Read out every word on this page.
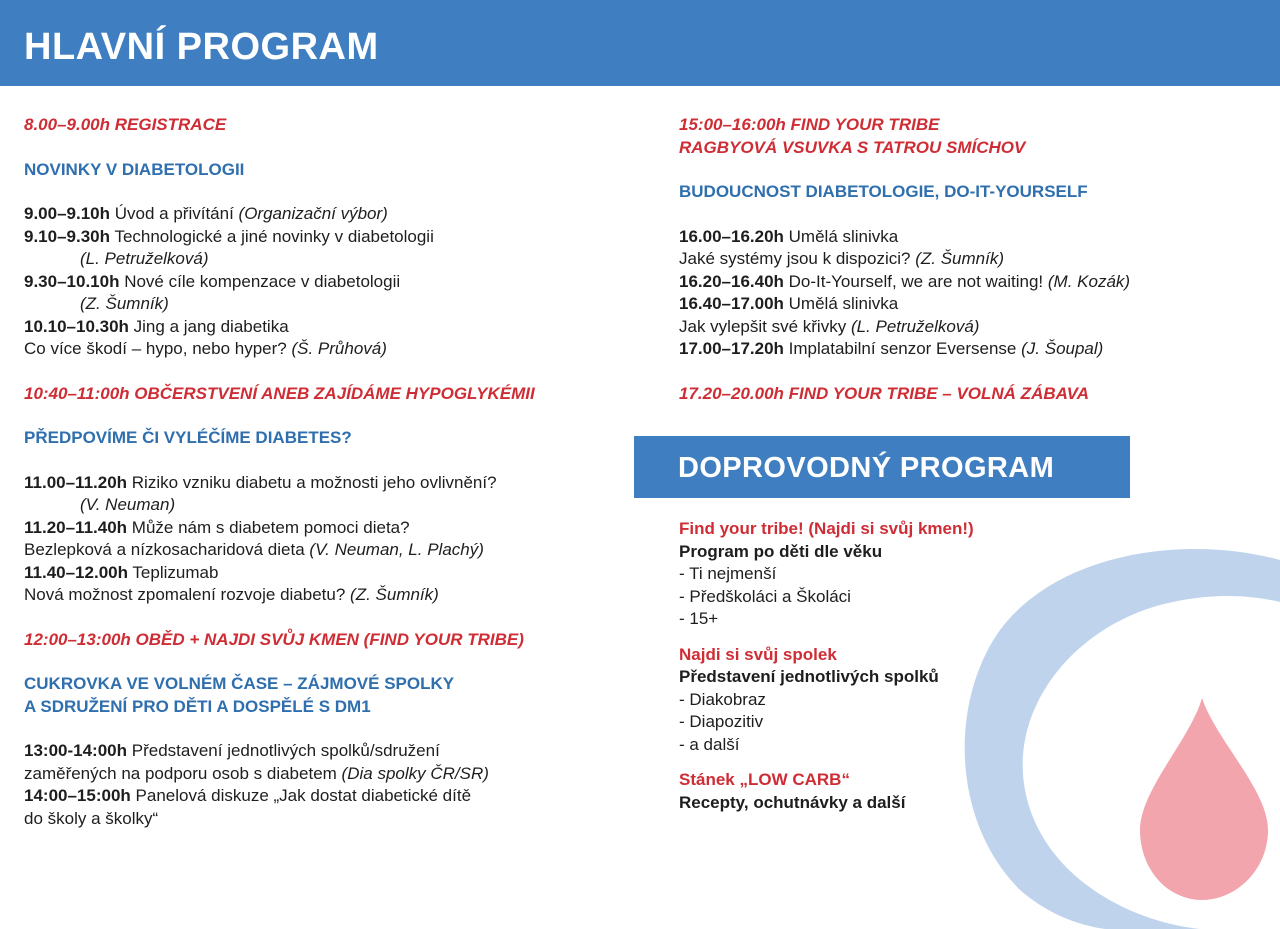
HLAVNÍ PROGRAM
8.00–9.00h REGISTRACE
NOVINKY V DIABETOLOGII
9.00–9.10h Úvod a přivítání (Organizační výbor)
9.10–9.30h Technologické a jiné novinky v diabetologii
(L. Petruželková)
9.30–10.10h Nové cíle kompenzace v diabetologii
(Z. Šumník)
10.10–10.30h Jing a jang diabetika
Co více škodí – hypo, nebo hyper? (Š. Průhová)
10:40–11:00h OBČERSTVENÍ ANEB ZAJÍDÁME HYPOGLYKÉMII
PŘEDPOVÍME ČI VYLÉČÍME DIABETES?
11.00–11.20h Riziko vzniku diabetu a možnosti jeho ovlivnění?
(V. Neuman)
11.20–11.40h Může nám s diabetem pomoci dieta?
Bezlepková a nízkosacharidová dieta (V. Neuman, L. Plachý)
11.40–12.00h Teplizumab
Nová možnost zpomalení rozvoje diabetu? (Z. Šumník)
12:00–13:00h OBĚD + NAJDI SVŮJ KMEN (FIND YOUR TRIBE)
CUKROVKA VE VOLNÉM ČASE – ZÁJMOVÉ SPOLKY
A SDRUŽENÍ PRO DĚTI A DOSPĚLÉ S DM1
13:00-14:00h Představení jednotlivých spolků/sdružení
zaměřených na podporu osob s diabetem (Dia spolky ČR/SR)
14:00–15:00h Panelová diskuze „Jak dostat diabetické dítě
do školy a školky“
15:00–16:00h FIND YOUR TRIBE
RAGBYOVÁ VSUVKA S TATROU SMÍCHOV
BUDOUCNOST DIABETOLOGIE, DO-IT-YOURSELF
16.00–16.20h Umělá slinivka
Jaké systémy jsou k dispozici? (Z. Šumník)
16.20–16.40h Do-It-Yourself, we are not waiting! (M. Kozák)
16.40–17.00h Umělá slinivka
Jak vylepšit své křivky (L. Petruželková)
17.00–17.20h Implatabilní senzor Eversense (J. Šoupal)
17.20–20.00h FIND YOUR TRIBE – VOLNÁ ZÁBAVA
DOPROVODNÝ PROGRAM
Find your tribe! (Najdi si svůj kmen!)
Program po děti dle věku
- Ti nejmenší
- Předškoláci a Školáci
- 15+
Najdi si svůj spolek
Představení jednotlivých spolků
- Diakobraz
- Diapozitiv
- a další
Stánek „LOW CARB“
Recepty, ochutnávky a další
